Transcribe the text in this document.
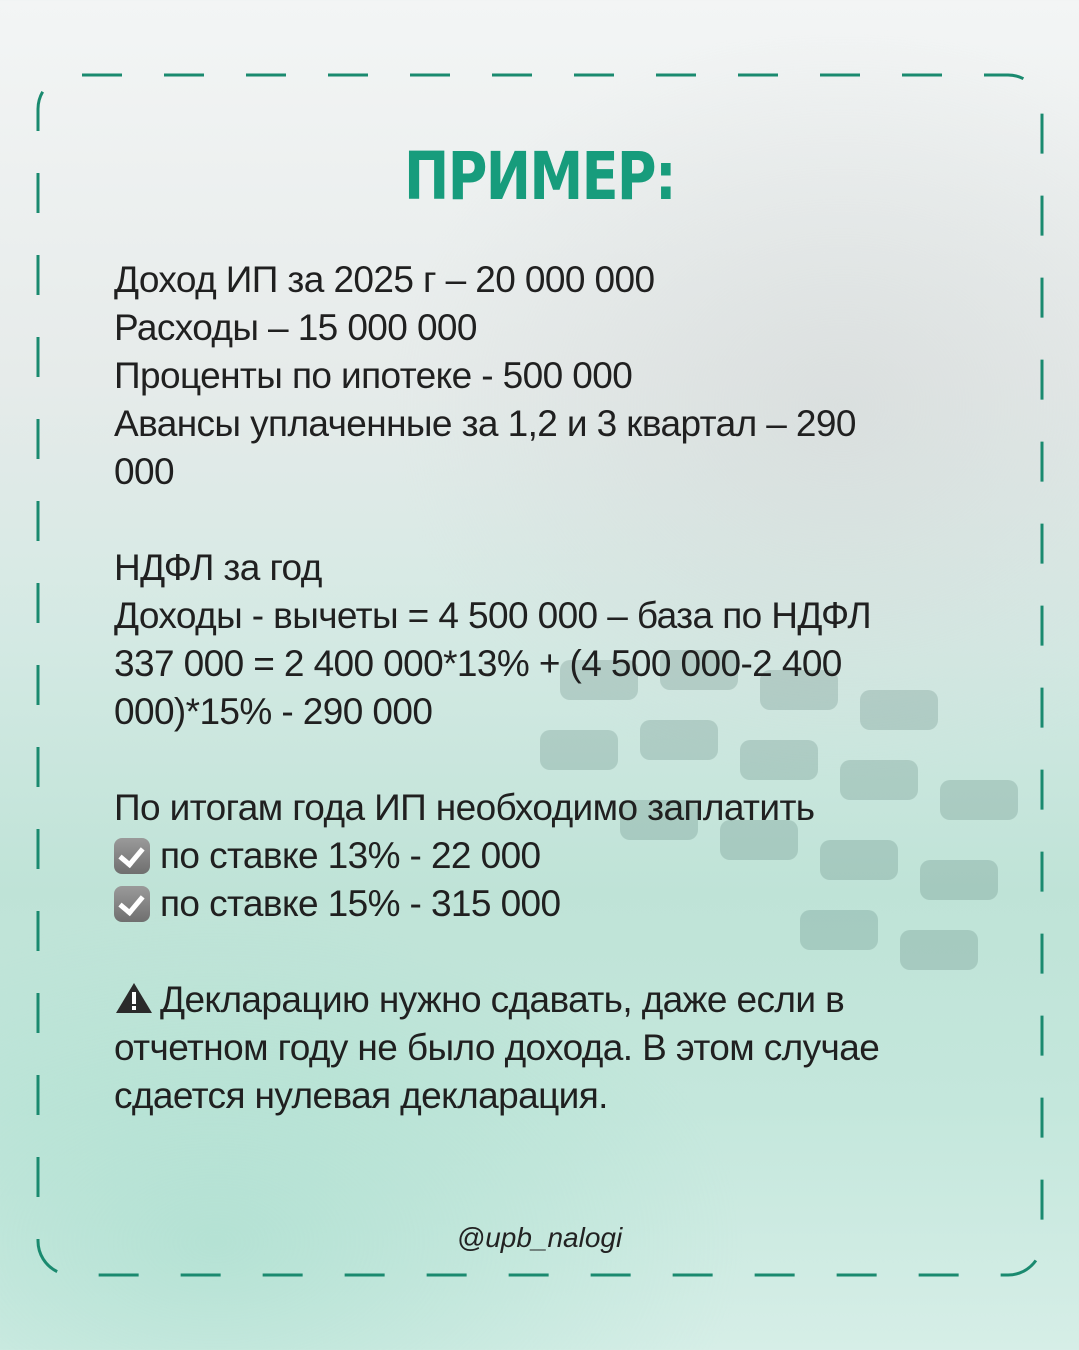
ПРИМЕР:

Доход ИП за 2025 г – 20 000 000

Расходы – 15 000 000

Проценты по ипотеке - 500 000

Авансы уплаченные за 1,2 и 3 квартал – 290

000

НДФЛ за год

Доходы - вычеты = 4 500 000 – база по НДФЛ

337 000 = 2 400 000*13% + (4 500 000-2 400

000)*15% - 290 000

По итогам года ИП необходимо заплатить

по ставке 13% - 22 000

по ставке 15% - 315 000

Декларацию нужно сдавать, даже если в

отчетном году не было дохода. В этом случае

сдается нулевая декларация.

@upb_nalogi
